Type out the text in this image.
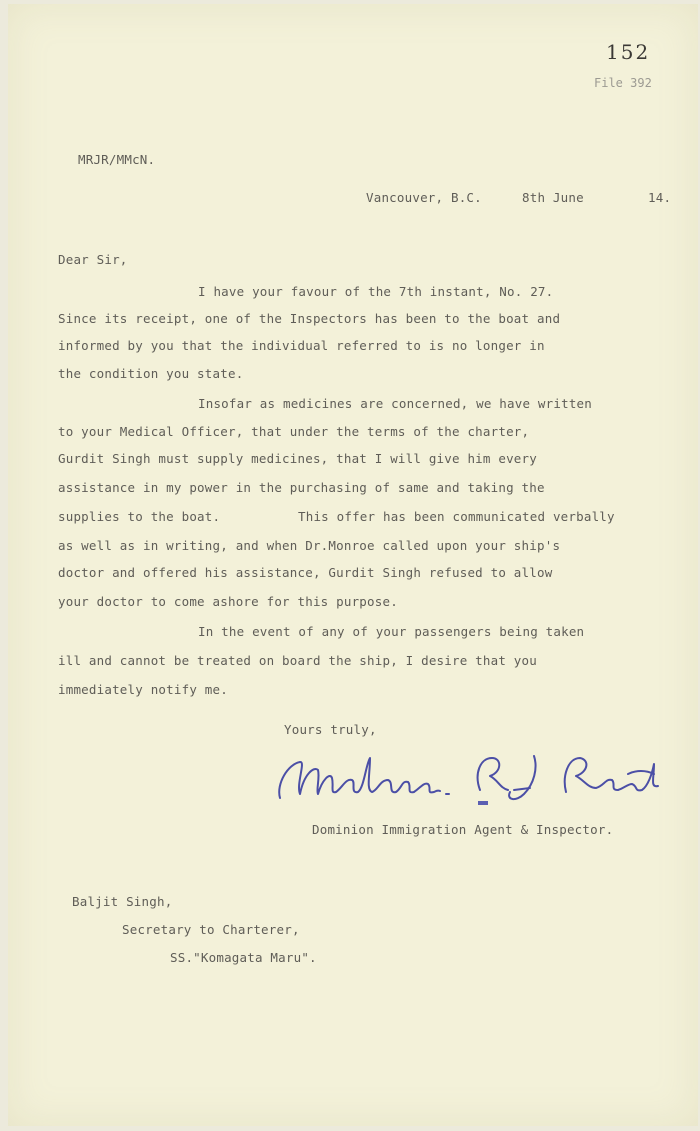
152
File 392
MRJR/MMcN.
Vancouver, B.C.	8th June	14.
Dear Sir,
I have your favour of the 7th instant, No. 27.
Since its receipt, one of the Inspectors has been to the boat and
informed by you that the individual referred to is no longer in
the condition you state.
Insofar as medicines are concerned, we have written
to your Medical Officer, that under the terms of the charter,
Gurdit Singh must supply medicines, that I will give him every
assistance in my power in the purchasing of same and taking the
supplies to the boat.	This offer has been communicated verbally
as well as in writing, and when Dr.Monroe called upon your ship's
doctor and offered his assistance, Gurdit Singh refused to allow
your doctor to come ashore for this purpose.
In the event of any of your passengers being taken
ill and cannot be treated on board the ship, I desire that you
immediately notify me.
Yours truly,
Dominion Immigration Agent & Inspector.
Baljit Singh,
Secretary to Charterer,
SS."Komagata Maru".
